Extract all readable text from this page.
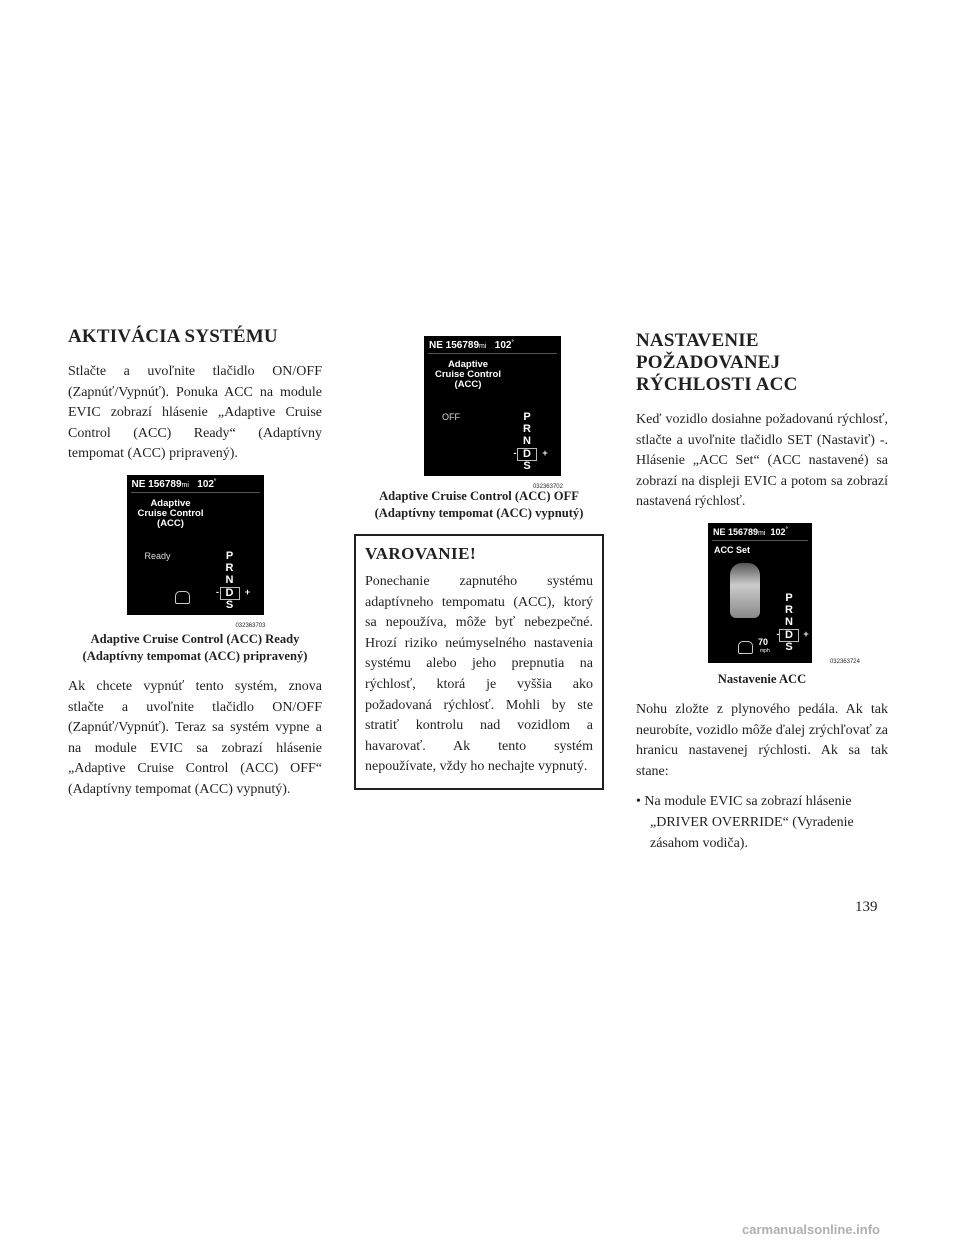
AKTIVÁCIA SYSTÉMU

Stlačte a uvoľnite tlačidlo ON/OFF (Zapnúť/Vypnúť). Ponuka ACC na module EVIC zobrazí hlásenie „Adaptive Cruise Control (ACC) Ready“ (Adaptívny tempomat (ACC) pripravený).

NE 156789mi 102°
Adaptive Cruise Control (ACC)
Ready	P
R
N
- D	+
S
032363703
Adaptive Cruise Control (ACC) Ready
(Adaptívny tempomat (ACC) pripravený)

Ak chcete vypnúť tento systém, znova stlačte a uvoľnite tlačidlo ON/OFF (Zapnúť/Vypnúť). Teraz sa systém vypne a na module EVIC sa zobrazí hlásenie „Adaptive Cruise Control (ACC) OFF“ (Adaptívny tempomat (ACC) vypnutý).

NE 156789mi 102°
Adaptive Cruise Control (ACC)
OFF	P
R
N
- D	+
S
032363702
Adaptive Cruise Control (ACC) OFF
(Adaptívny tempomat (ACC) vypnutý)
VAROVANIE!

Ponechanie zapnutého systému adaptívneho tempomatu (ACC), ktorý sa nepoužíva, môže byť nebezpečné. Hrozí riziko neúmyselného nastavenia systému alebo jeho prepnutia na rýchlosť, ktorá je vyššia ako požadovaná rýchlosť. Mohli by ste stratiť kontrolu nad vozidlom a havarovať. Ak tento systém nepoužívate, vždy ho nechajte vypnutý.

NASTAVENIE
POŽADOVANEJ
RÝCHLOSTI ACC

Keď vozidlo dosiahne požadovanú rýchlosť, stlačte a uvoľnite tlačidlo SET (Nastaviť) -. Hlásenie „ACC Set“ (ACC nastavené) sa zobrazí na displeji EVIC a potom sa zobrazí nastavená rýchlosť.

NE 156789mi 102°
ACC Set
70
mph
P
R
N
- D	+
S
032363724
Nastavenie ACC

Nohu zložte z plynového pedála. Ak tak neurobíte, vozidlo môže ďalej zrýchľovať za hranicu nastavenej rýchlosti. Ak sa tak stane:

• Na module EVIC sa zobrazí hlásenie „DRIVER OVERRIDE“ (Vyradenie zásahom vodiča).
139
carmanualsonline.info
